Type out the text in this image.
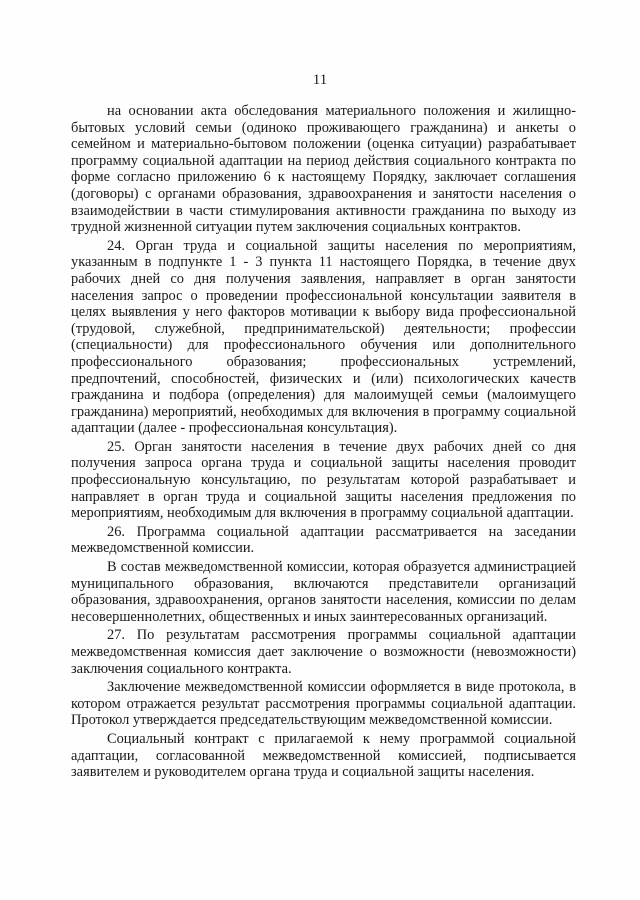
11

на основании акта обследования материального положения и жилищно-бытовых условий семьи (одиноко проживающего гражданина) и анкеты о семейном и материально-бытовом положении (оценка ситуации) разрабатывает программу социальной адаптации на период действия социального контракта по форме согласно приложению 6 к настоящему Порядку, заключает соглашения (договоры) с органами образования, здравоохранения и занятости населения о взаимодействии в части стимулирования активности гражданина по выходу из трудной жизненной ситуации путем заключения социальных контрактов.

24. Орган труда и социальной защиты населения по мероприятиям, указанным в подпункте 1 - 3 пункта 11 настоящего Порядка, в течение двух рабочих дней со дня получения заявления, направляет в орган занятости населения запрос о проведении профессиональной консультации заявителя в целях выявления у него факторов мотивации к выбору вида профессиональной (трудовой, служебной, предпринимательской) деятельности; профессии (специальности) для профессионального обучения или дополнительного профессионального образования; профессиональных устремлений, предпочтений, способностей, физических и (или) психологических качеств гражданина и подбора (определения) для малоимущей семьи (малоимущего гражданина) мероприятий, необходимых для включения в программу социальной адаптации (далее - профессиональная консультация).

25. Орган занятости населения в течение двух рабочих дней со дня получения запроса органа труда и социальной защиты населения проводит профессиональную консультацию, по результатам которой разрабатывает и направляет в орган труда и социальной защиты населения предложения по мероприятиям, необходимым для включения в программу социальной адаптации.

26. Программа социальной адаптации рассматривается на заседании межведомственной комиссии.

В состав межведомственной комиссии, которая образуется администрацией муниципального образования, включаются представители организаций образования, здравоохранения, органов занятости населения, комиссии по делам несовершеннолетних, общественных и иных заинтересованных организаций.

27. По результатам рассмотрения программы социальной адаптации межведомственная комиссия дает заключение о возможности (невозможности) заключения социального контракта.

Заключение межведомственной комиссии оформляется в виде протокола, в котором отражается результат рассмотрения программы социальной адаптации. Протокол утверждается председательствующим межведомственной комиссии.

Социальный контракт с прилагаемой к нему программой социальной адаптации, согласованной межведомственной комиссией, подписывается заявителем и руководителем органа труда и социальной защиты населения.
